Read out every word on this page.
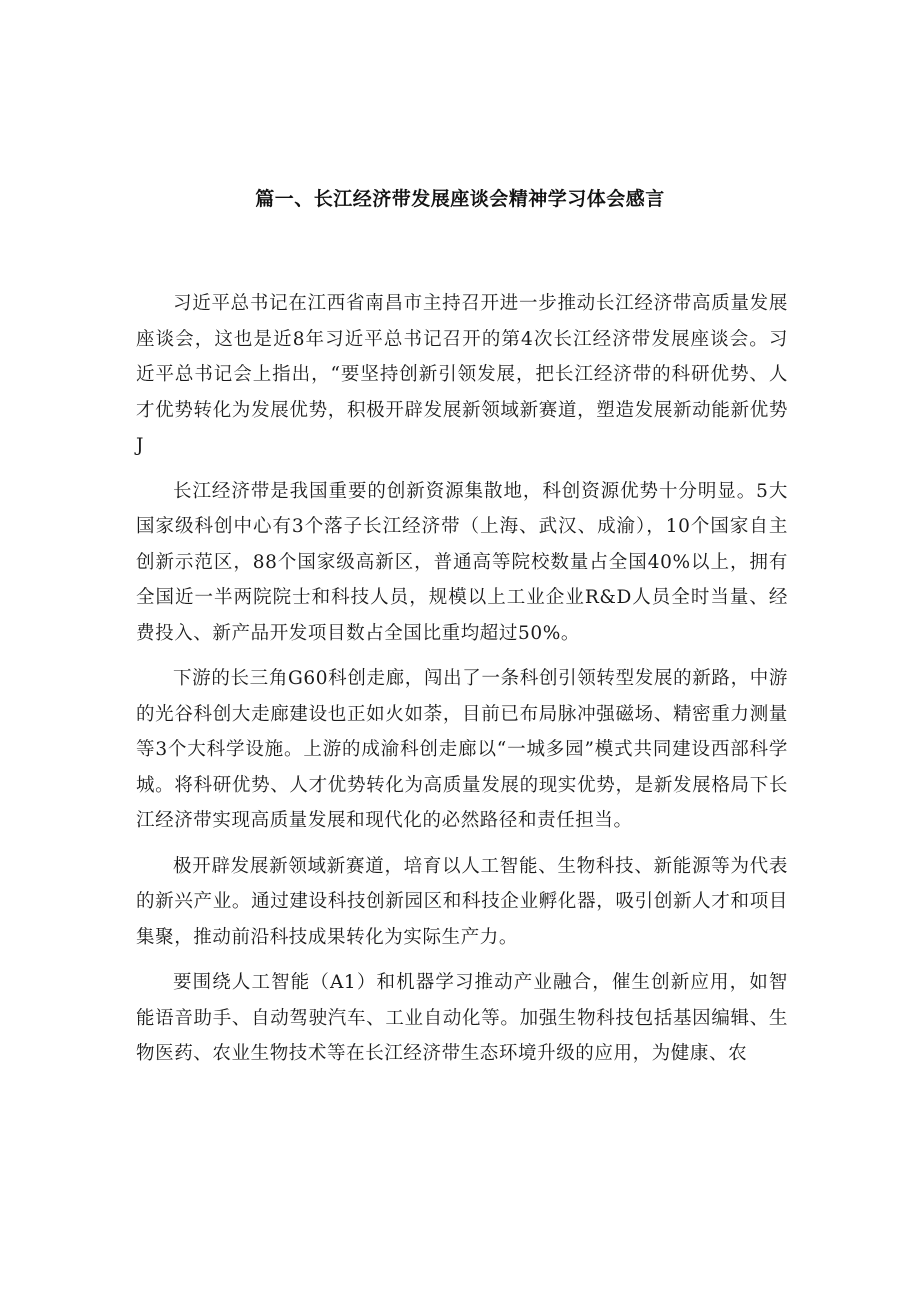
篇一、长江经济带发展座谈会精神学习体会感言

习近平总书记在江西省南昌市主持召开进一步推动长江经济带高质量发展座谈会，这也是近8年习近平总书记召开的第4次长江经济带发展座谈会。习近平总书记会上指出，“要坚持创新引领发展，把长江经济带的科研优势、人才优势转化为发展优势，积极开辟发展新领域新赛道，塑造发展新动能新优势J

长江经济带是我国重要的创新资源集散地，科创资源优势十分明显。5大国家级科创中心有3个落子长江经济带（上海、武汉、成渝），10个国家自主创新示范区，88个国家级高新区，普通高等院校数量占全国40%以上，拥有全国近一半两院院士和科技人员，规模以上工业企业R&D人员全时当量、经费投入、新产品开发项目数占全国比重均超过50%。

下游的长三角G60科创走廊，闯出了一条科创引领转型发展的新路，中游的光谷科创大走廊建设也正如火如荼，目前已布局脉冲强磁场、精密重力测量等3个大科学设施。上游的成渝科创走廊以“一城多园”模式共同建设西部科学城。将科研优势、人才优势转化为高质量发展的现实优势，是新发展格局下长江经济带实现高质量发展和现代化的必然路径和责任担当。

极开辟发展新领域新赛道，培育以人工智能、生物科技、新能源等为代表的新兴产业。通过建设科技创新园区和科技企业孵化器，吸引创新人才和项目集聚，推动前沿科技成果转化为实际生产力。

要围绕人工智能（A1）和机器学习推动产业融合，催生创新应用，如智能语音助手、自动驾驶汽车、工业自动化等。加强生物科技包括基因编辑、生物医药、农业生物技术等在长江经济带生态环境升级的应用，为健康、农
